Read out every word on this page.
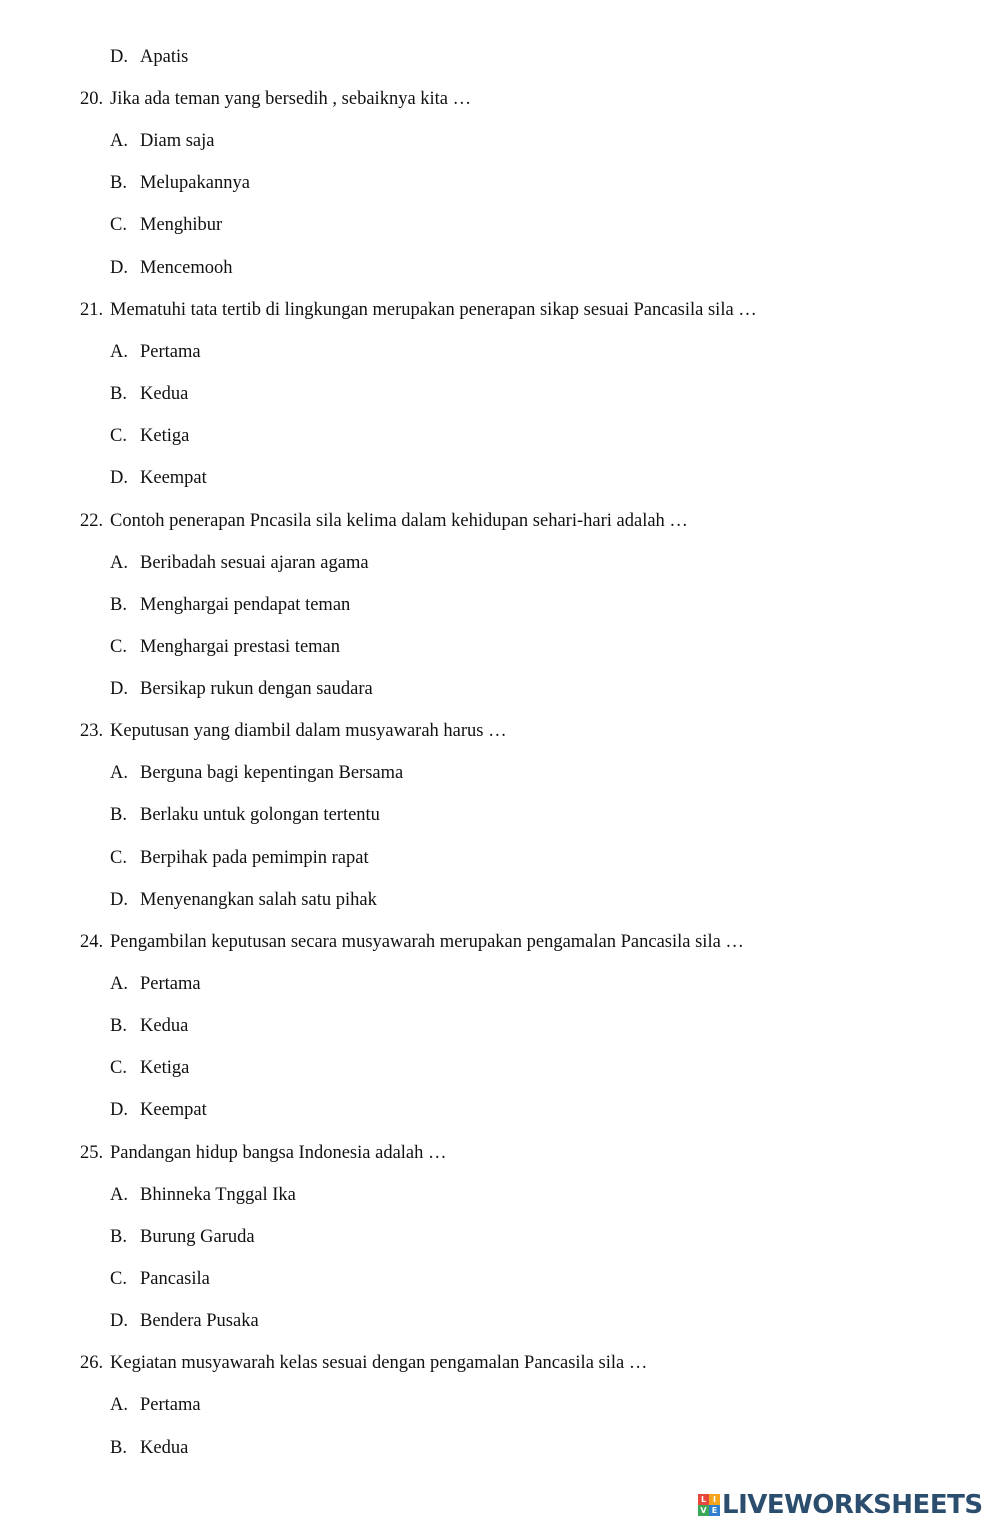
D. Apatis
20. Jika ada teman yang bersedih , sebaiknya kita …
A. Diam saja
B. Melupakannya
C. Menghibur
D. Mencemooh
21. Mematuhi tata tertib di lingkungan merupakan penerapan sikap sesuai Pancasila sila …
A. Pertama
B. Kedua
C. Ketiga
D. Keempat
22. Contoh penerapan Pncasila sila kelima dalam kehidupan sehari-hari adalah …
A. Beribadah sesuai ajaran agama
B. Menghargai pendapat teman
C. Menghargai prestasi teman
D. Bersikap rukun dengan saudara
23. Keputusan yang diambil dalam musyawarah harus …
A. Berguna bagi kepentingan Bersama
B. Berlaku untuk golongan tertentu
C. Berpihak pada pemimpin rapat
D. Menyenangkan salah satu pihak
24. Pengambilan keputusan secara musyawarah merupakan pengamalan Pancasila sila …
A. Pertama
B. Kedua
C. Ketiga
D. Keempat
25. Pandangan hidup bangsa Indonesia adalah …
A. Bhinneka Tnggal Ika
B. Burung Garuda
C. Pancasila
D. Bendera Pusaka
26. Kegiatan musyawarah kelas sesuai dengan pengamalan Pancasila sila …
A. Pertama
B. Kedua
L I
V E LIVEWORKSHEETS
